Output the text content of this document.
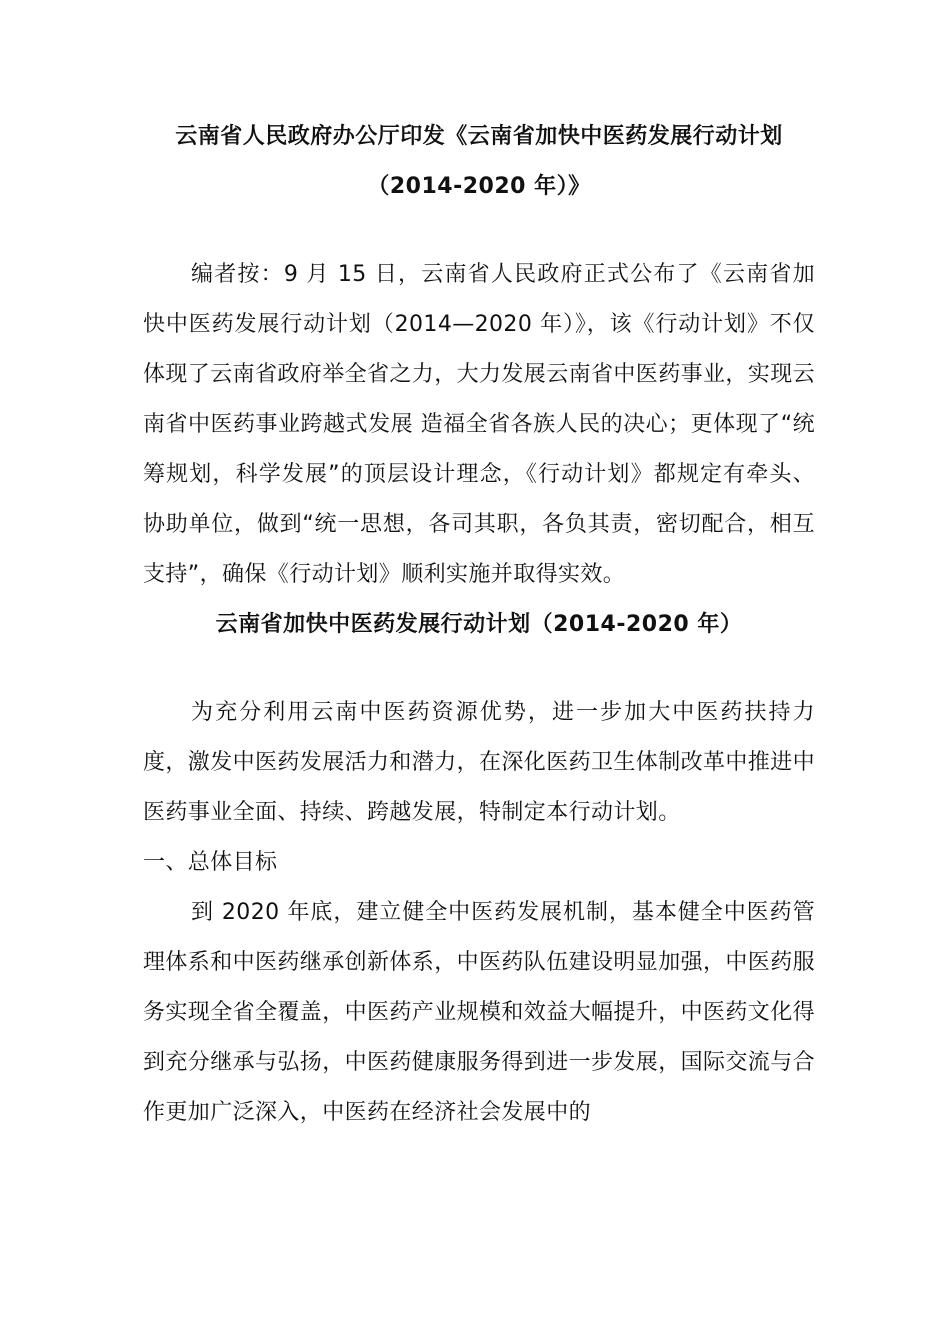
云南省人民政府办公厅印发《云南省加快中医药发展行动计划
（2014-2020 年）》

编者按：9 月 15 日，云南省人民政府正式公布了《云南省加快中医药发展行动计划（2014—2020 年）》，该《行动计划》不仅体现了云南省政府举全省之力，大力发展云南省中医药事业，实现云南省中医药事业跨越式发展 造福全省各族人民的决心；更体现了“统筹规划，科学发展”的顶层设计理念，《行动计划》都规定有牵头、协助单位，做到“统一思想，各司其职，各负其责，密切配合，相互支持”，确保《行动计划》顺利实施并取得实效。

云南省加快中医药发展行动计划（2014-2020 年）

为充分利用云南中医药资源优势，进一步加大中医药扶持力度，激发中医药发展活力和潜力，在深化医药卫生体制改革中推进中医药事业全面、持续、跨越发展，特制定本行动计划。

一、总体目标

到 2020 年底，建立健全中医药发展机制，基本健全中医药管理体系和中医药继承创新体系，中医药队伍建设明显加强，中医药服务实现全省全覆盖，中医药产业规模和效益大幅提升，中医药文化得到充分继承与弘扬，中医药健康服务得到进一步发展，国际交流与合作更加广泛深入，中医药在经济社会发展中的
